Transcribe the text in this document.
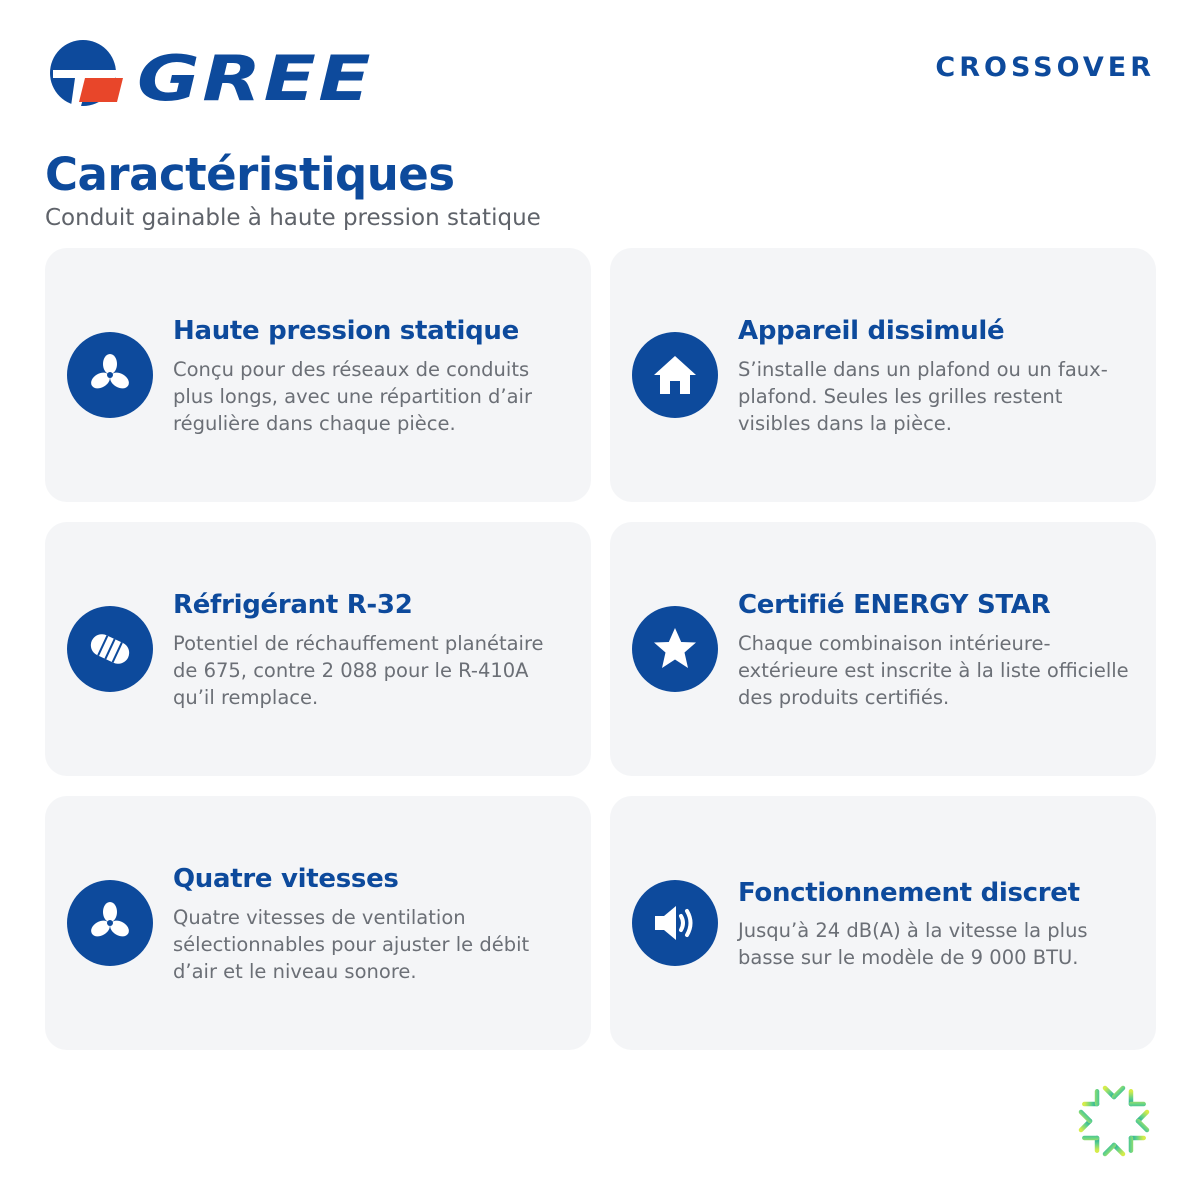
GREE	CROSSOVER
Caractéristiques
Conduit gainable à haute pression statique
Haute pression statique
Conçu pour des réseaux de conduits plus longs, avec une répartition d’air régulière dans chaque pièce.
Appareil dissimulé
S’installe dans un plafond ou un faux-plafond. Seules les grilles restent visibles dans la pièce.
Réfrigérant R-32
Potentiel de réchauffement planétaire de 675, contre 2 088 pour le R-410A qu’il remplace.
Certifié ENERGY STAR
Chaque combinaison intérieure-extérieure est inscrite à la liste officielle des produits certifiés.
Quatre vitesses
Quatre vitesses de ventilation sélectionnables pour ajuster le débit d’air et le niveau sonore.
Fonctionnement discret
Jusqu’à 24 dB(A) à la vitesse la plus basse sur le modèle de 9 000 BTU.
